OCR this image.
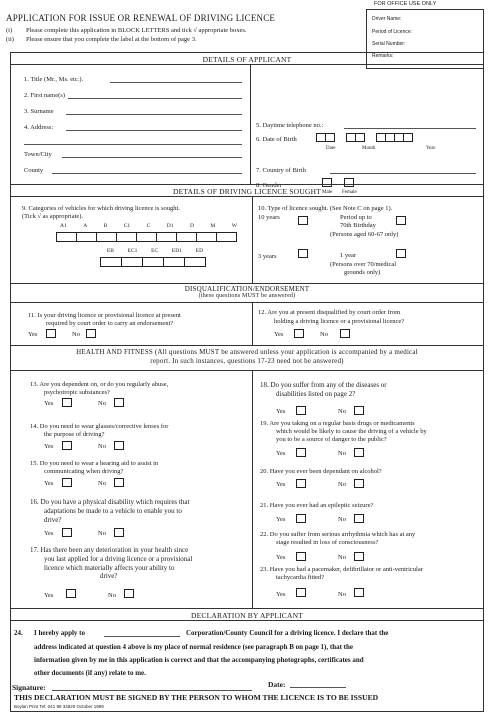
FOR OFFICE USE ONLY
Driver Name:
Period of Licence:
Serial Number:
Remarks:
APPLICATION FOR ISSUE OR RENEWAL OF DRIVING LICENCE
(i) Please complete this application in BLOCK LETTERS and tick √ appropriate boxes.
(ii) Please ensure that you complete the label at the bottom of page 3.
DETAILS OF APPLICANT
1. Title (Mr., Ms. etc.).
2. First name(s)
3. Surname
4. Address:
Town/City
County
5. Daytime telephone no.:
6. Date of Birth
Date	Month	Year
7. Country of Birth
8. Gender
Male Female
DETAILS OF DRIVING LICENCE SOUGHT
9. Categories of vehicles for which driving licence is sought.
(Tick √ as appropriate).
A1	A	B	C1	C	D1	D	M	W
EB EC1 EC ED1 ED
10. Type of licence sought. (See Note C on page 1).
10 years	Period up to
70th Birthday
(Persons aged 60-67 only)
3 years	1 year
(Persons over 70/medical
grounds only)
DISQUALIFICATION/ENDORSEMENT
(these questions MUST be answered)
11. Is your driving licence or provisional licence at present
required by court order to carry an endorsement?
Yes	No
12. Are you at present disqualified by court order from
holding a driving licence or a provisional licence?
Yes	No
HEALTH AND FITNESS (All questions MUST be answered unless your application is accompanied by a medical
report. In such instances, questions 17-23 need not be answered)
13. Are you dependent on, or do you regularly abuse,
psychotropic substances?
Yes	No
14. Do you need to wear glasses/corrective lenses for
the purpose of driving?
Yes	No
15. Do you need to wear a hearing aid to assist in
communicating when driving?
Yes	No
16. Do you have a physical disability which requires that
adaptations be made to a vehicle to enable you to
drive?
Yes	No
17. Has there been any deterioration in your health since
you last applied for a driving licence or a provisional
licence which materially affects your ability to
drive?
Yes	No
18. Do you suffer from any of the diseases or
disabilities listed on page 2?
Yes	No
19. Are you taking on a regular basis drugs or medicaments
which would be likely to cause the driving of a vehicle by
you to be a source of danger to the public?
Yes	No
20. Have you ever been dependant on alcohol?
Yes	No
21. Have you ever had an epileptic seizure?
Yes	No
22. Do you suffer from serious arrhythmia which has at any
stage resulted in loss of consciousness?
Yes	No
23. Have you had a pacemaker, defibrillator or anti-ventricular
tachycardia fitted?
Yes	No
DECLARATION BY APPLICANT
24. I hereby apply to	Corporation/County Council for a driving licence. I declare that the
address indicated at question 4 above is my place of normal residence (see paragraph B on page 1), that the
information given by me in this application is correct and that the accompanying photographs, certificates and
other documents (if any) relate to me.
Signature:	Date:
THIS DECLARATION MUST BE SIGNED BY THE PERSON TO WHOM THE LICENCE IS TO BE ISSUED
Boylan Print Tel: 041 98 34820 October 1999
